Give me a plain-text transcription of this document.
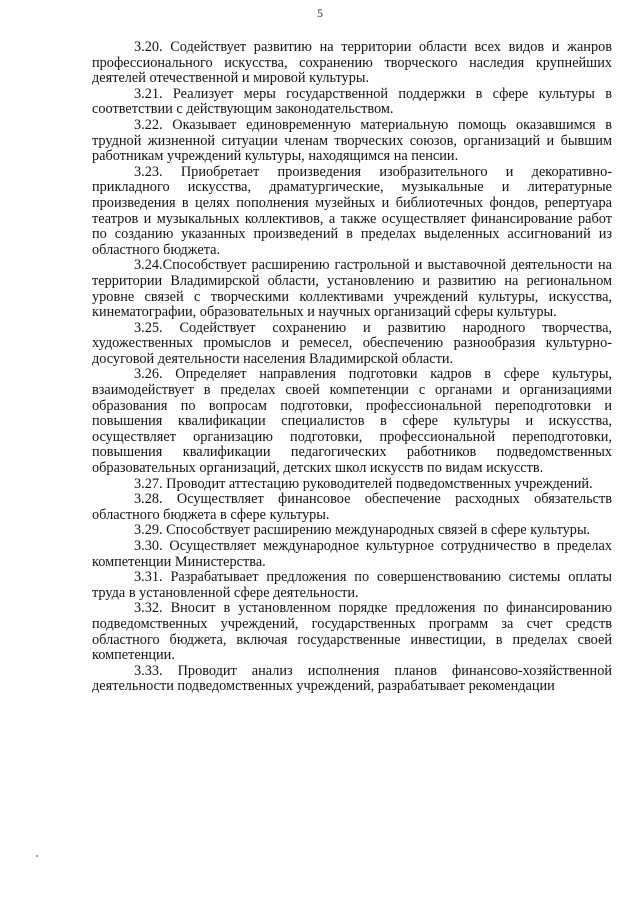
5

3.20. Содействует развитию на территории области всех видов и жанров профессионального искусства, сохранению творческого наследия крупнейших деятелей отечественной и мировой культуры.

3.21. Реализует меры государственной поддержки в сфере культуры в соответствии с действующим законодательством.

3.22. Оказывает единовременную материальную помощь оказавшимся в трудной жизненной ситуации членам творческих союзов, организаций и бывшим работникам учреждений культуры, находящимся на пенсии.

3.23. Приобретает произведения изобразительного и декоративно-прикладного искусства, драматургические, музыкальные и литературные произведения в целях пополнения музейных и библиотечных фондов, репертуара театров и музыкальных коллективов, а также осуществляет финансирование работ по созданию указанных произведений в пределах выделенных ассигнований из областного бюджета.

3.24.Способствует расширению гастрольной и выставочной деятельности на территории Владимирской области, установлению и развитию на региональном уровне связей с творческими коллективами учреждений культуры, искусства, кинематографии, образовательных и научных организаций сферы культуры.

3.25. Содействует сохранению и развитию народного творчества, художественных промыслов и ремесел, обеспечению разнообразия культурно-досуговой деятельности населения Владимирской области.

3.26. Определяет направления подготовки кадров в сфере культуры, взаимодействует в пределах своей компетенции с органами и организациями образования по вопросам подготовки, профессиональной переподготовки и повышения квалификации специалистов в сфере культуры и искусства, осуществляет организацию подготовки, профессиональной переподготовки, повышения квалификации педагогических работников подведомственных образовательных организаций, детских школ искусств по видам искусств.

3.27. Проводит аттестацию руководителей подведомственных учреждений.

3.28. Осуществляет финансовое обеспечение расходных обязательств областного бюджета в сфере культуры.

3.29. Способствует расширению международных связей в сфере культуры.

3.30. Осуществляет международное культурное сотрудничество в пределах компетенции Министерства.

3.31. Разрабатывает предложения по совершенствованию системы оплаты труда в установленной сфере деятельности.

3.32. Вносит в установленном порядке предложения по финансированию подведомственных учреждений, государственных программ за счет средств областного бюджета, включая государственные инвестиции, в пределах своей компетенции.

3.33. Проводит анализ исполнения планов финансово-хозяйственной деятельности подведомственных учреждений, разрабатывает рекомендации
